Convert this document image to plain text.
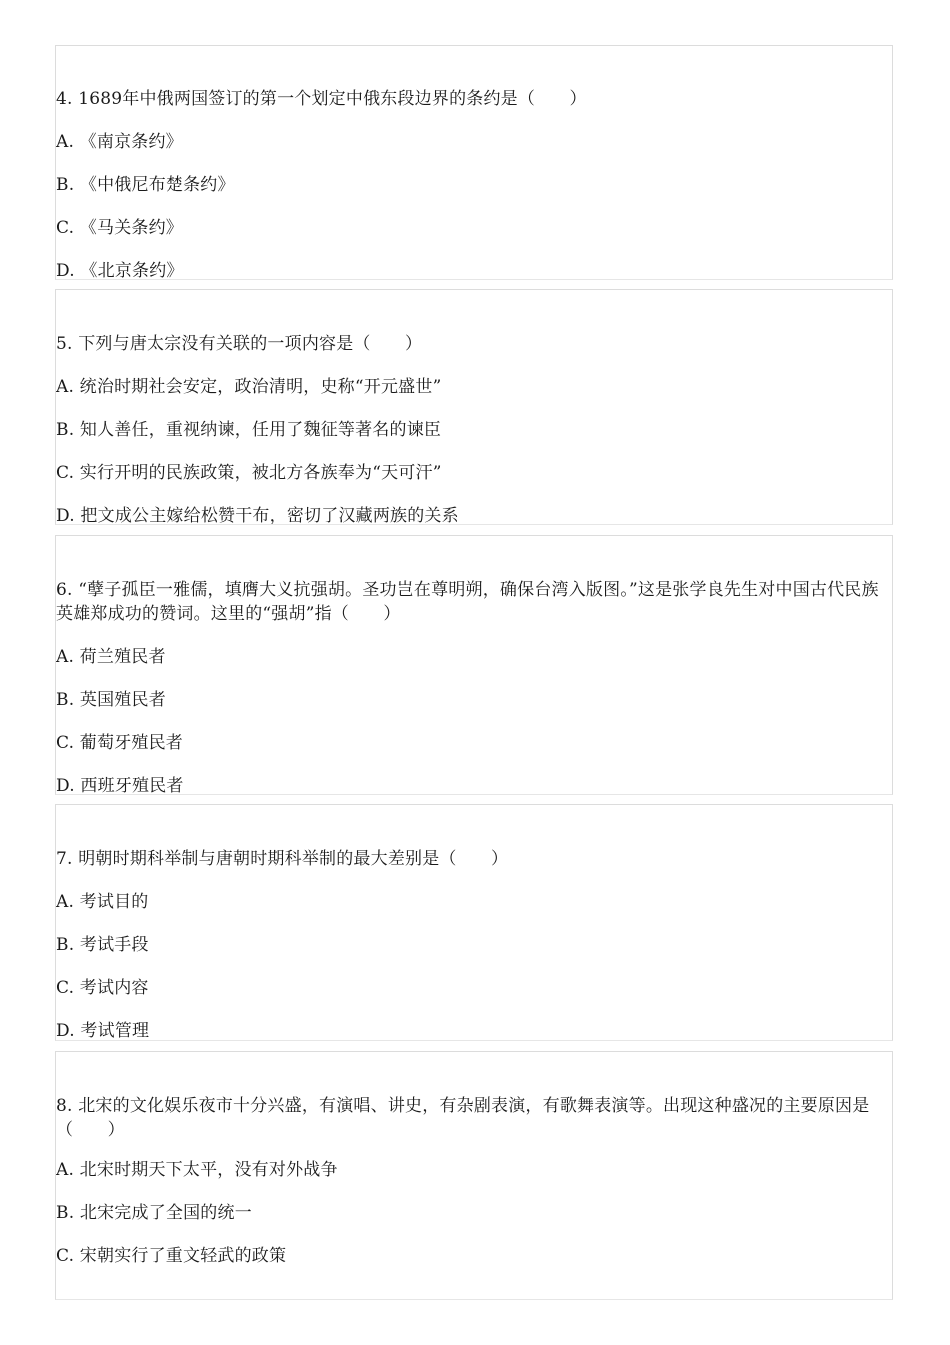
4. 1689年中俄两国签订的第一个划定中俄东段边界的条约是（　　）
A. 《南京条约》
B. 《中俄尼布楚条约》
C. 《马关条约》
D. 《北京条约》
5. 下列与唐太宗没有关联的一项内容是（　　）
A. 统治时期社会安定，政治清明，史称“开元盛世”
B. 知人善任，重视纳谏，任用了魏征等著名的谏臣
C. 实行开明的民族政策，被北方各族奉为“天可汗”
D. 把文成公主嫁给松赞干布，密切了汉藏两族的关系
6. “孽子孤臣一雅儒，填膺大义抗强胡。圣功岂在尊明朔，确保台湾入版图。”这是张学良先生对中国古代民族英雄郑成功的赞词。这里的“强胡”指（　　）
A. 荷兰殖民者
B. 英国殖民者
C. 葡萄牙殖民者
D. 西班牙殖民者
7. 明朝时期科举制与唐朝时期科举制的最大差别是（　　）
A. 考试目的
B. 考试手段
C. 考试内容
D. 考试管理
8. 北宋的文化娱乐夜市十分兴盛，有演唱、讲史，有杂剧表演，有歌舞表演等。出现这种盛况的主要原因是（　　）
A. 北宋时期天下太平，没有对外战争
B. 北宋完成了全国的统一
C. 宋朝实行了重文轻武的政策
